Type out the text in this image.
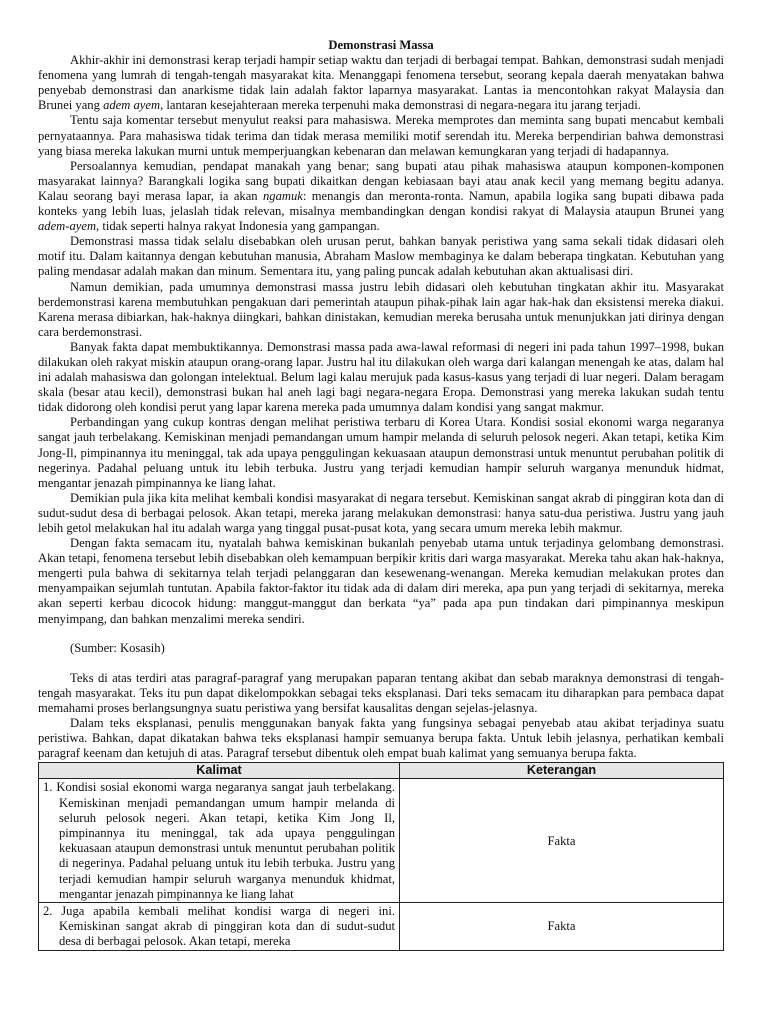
Demonstrasi Massa

Akhir-akhir ini demonstrasi kerap terjadi hampir setiap waktu dan terjadi di berbagai tempat. Bahkan, demonstrasi sudah menjadi fenomena yang lumrah di tengah-tengah masyarakat kita. Menanggapi fenomena tersebut, seorang kepala daerah menyatakan bahwa penyebab demonstrasi dan anarkisme tidak lain adalah faktor laparnya masyarakat. Lantas ia mencontohkan rakyat Malaysia dan Brunei yang adem ayem, lantaran kesejahteraan mereka terpenuhi maka demonstrasi di negara-negara itu jarang terjadi.

Tentu saja komentar tersebut menyulut reaksi para mahasiswa. Mereka memprotes dan meminta sang bupati mencabut kembali pernyataannya. Para mahasiswa tidak terima dan tidak merasa memiliki motif serendah itu. Mereka berpendirian bahwa demonstrasi yang biasa mereka lakukan murni untuk memperjuangkan kebenaran dan melawan kemungkaran yang terjadi di hadapannya.

Persoalannya kemudian, pendapat manakah yang benar; sang bupati atau pihak mahasiswa ataupun komponen-komponen masyarakat lainnya? Barangkali logika sang bupati dikaitkan dengan kebiasaan bayi atau anak kecil yang memang begitu adanya. Kalau seorang bayi merasa lapar, ia akan ngamuk: menangis dan meronta-ronta. Namun, apabila logika sang bupati dibawa pada konteks yang lebih luas, jelaslah tidak relevan, misalnya membandingkan dengan kondisi rakyat di Malaysia ataupun Brunei yang adem-ayem, tidak seperti halnya rakyat Indonesia yang gampangan.

Demonstrasi massa tidak selalu disebabkan oleh urusan perut, bahkan banyak peristiwa yang sama sekali tidak didasari oleh motif itu. Dalam kaitannya dengan kebutuhan manusia, Abraham Maslow membaginya ke dalam beberapa tingkatan. Kebutuhan yang paling mendasar adalah makan dan minum. Sementara itu, yang paling puncak adalah kebutuhan akan aktualisasi diri.

Namun demikian, pada umumnya demonstrasi massa justru lebih didasari oleh kebutuhan tingkatan akhir itu. Masyarakat berdemonstrasi karena membutuhkan pengakuan dari pemerintah ataupun pihak-pihak lain agar hak-hak dan eksistensi mereka diakui. Karena merasa dibiarkan, hak-haknya diingkari, bahkan dinistakan, kemudian mereka berusaha untuk menunjukkan jati dirinya dengan cara berdemonstrasi.

Banyak fakta dapat membuktikannya. Demonstrasi massa pada awa-lawal reformasi di negeri ini pada tahun 1997–1998, bukan dilakukan oleh rakyat miskin ataupun orang-orang lapar. Justru hal itu dilakukan oleh warga dari kalangan menengah ke atas, dalam hal ini adalah mahasiswa dan golongan intelektual. Belum lagi kalau merujuk pada kasus-kasus yang terjadi di luar negeri. Dalam beragam skala (besar atau kecil), demonstrasi bukan hal aneh lagi bagi negara-negara Eropa. Demonstrasi yang mereka lakukan sudah tentu tidak didorong oleh kondisi perut yang lapar karena mereka pada umumnya dalam kondisi yang sangat makmur.

Perbandingan yang cukup kontras dengan melihat peristiwa terbaru di Korea Utara. Kondisi sosial ekonomi warga negaranya sangat jauh terbelakang. Kemiskinan menjadi pemandangan umum hampir melanda di seluruh pelosok negeri. Akan tetapi, ketika Kim Jong-Il, pimpinannya itu meninggal, tak ada upaya penggulingan kekuasaan ataupun demonstrasi untuk menuntut perubahan politik di negerinya. Padahal peluang untuk itu lebih terbuka. Justru yang terjadi kemudian hampir seluruh warganya menunduk hidmat, mengantar jenazah pimpinannya ke liang lahat.

Demikian pula jika kita melihat kembali kondisi masyarakat di negara tersebut. Kemiskinan sangat akrab di pinggiran kota dan di sudut-sudut desa di berbagai pelosok. Akan tetapi, mereka jarang melakukan demonstrasi: hanya satu-dua peristiwa. Justru yang jauh lebih getol melakukan hal itu adalah warga yang tinggal pusat-pusat kota, yang secara umum mereka lebih makmur.

Dengan fakta semacam itu, nyatalah bahwa kemiskinan bukanlah penyebab utama untuk terjadinya gelombang demonstrasi. Akan tetapi, fenomena tersebut lebih disebabkan oleh kemampuan berpikir kritis dari warga masyarakat. Mereka tahu akan hak-haknya, mengerti pula bahwa di sekitarnya telah terjadi pelanggaran dan kesewenang-wenangan. Mereka kemudian melakukan protes dan menyampaikan sejumlah tuntutan. Apabila faktor-faktor itu tidak ada di dalam diri mereka, apa pun yang terjadi di sekitarnya, mereka akan seperti kerbau dicocok hidung: manggut-manggut dan berkata “ya” pada apa pun tindakan dari pimpinannya meskipun menyimpang, dan bahkan menzalimi mereka sendiri.

(Sumber: Kosasih)

Teks di atas terdiri atas paragraf-paragraf yang merupakan paparan tentang akibat dan sebab maraknya demonstrasi di tengah-tengah masyarakat. Teks itu pun dapat dikelompokkan sebagai teks eksplanasi. Dari teks semacam itu diharapkan para pembaca dapat memahami proses berlangsungnya suatu peristiwa yang bersifat kausalitas dengan sejelas-jelasnya.

Dalam teks eksplanasi, penulis menggunakan banyak fakta yang fungsinya sebagai penyebab atau akibat terjadinya suatu peristiwa. Bahkan, dapat dikatakan bahwa teks eksplanasi hampir semuanya berupa fakta. Untuk lebih jelasnya, perhatikan kembali paragraf keenam dan ketujuh di atas. Paragraf tersebut dibentuk oleh empat buah kalimat yang semuanya berupa fakta.

Kalimat	Keterangan
1. Kondisi sosial ekonomi warga negaranya sangat jauh terbelakang. Kemiskinan menjadi pemandangan umum hampir melanda di seluruh pelosok negeri. Akan tetapi, ketika Kim Jong Il, pimpinannya itu meninggal, tak ada upaya penggulingan kekuasaan ataupun demonstrasi untuk menuntut perubahan politik di negerinya. Padahal peluang untuk itu lebih terbuka. Justru yang terjadi kemudian hampir seluruh warganya menunduk khidmat, mengantar jenazah pimpinannya ke liang lahat	Fakta
2. Juga apabila kembali melihat kondisi warga di negeri ini. Kemiskinan sangat akrab di pinggiran kota dan di sudut-sudut desa di berbagai pelosok. Akan tetapi, mereka	Fakta
